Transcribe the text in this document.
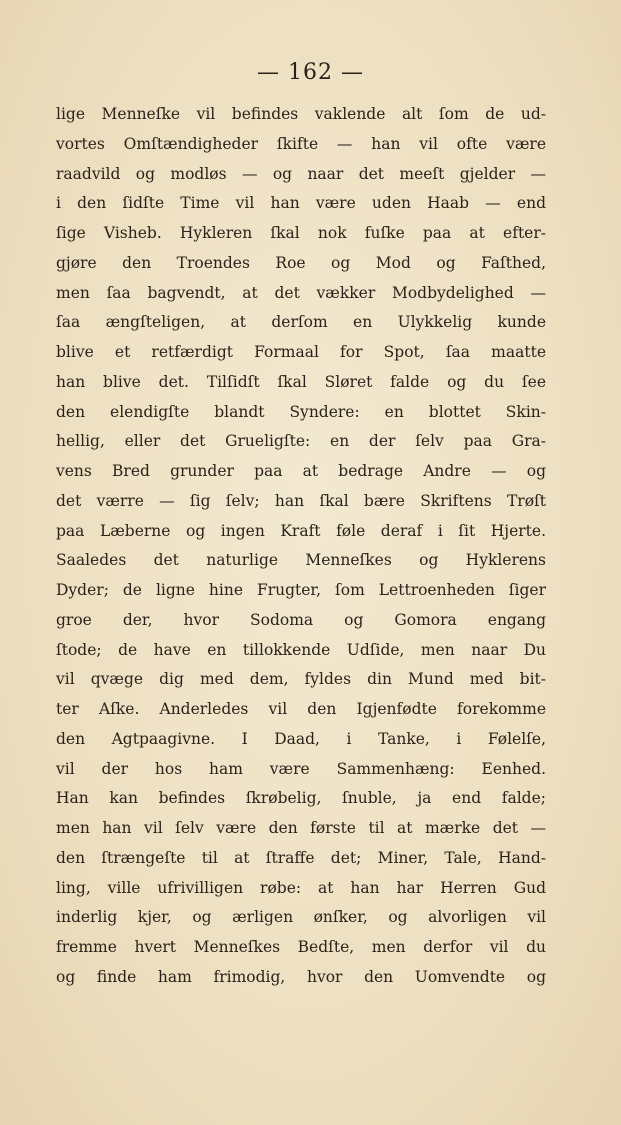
— 162 —
lige Menneſke vil befindes vaklende alt ſom de ud-
vortes Omſtændigheder ſkifte — han vil ofte være
raadvild og modløs — og naar det meeſt gjelder —
i den ſidſte Time vil han være uden Haab — end
ſige Visheb. Hykleren ſkal nok fuſke paa at efter-
gjøre den Troendes Roe og Mod og Faſthed,
men ſaa bagvendt, at det vækker Modbydelighed —
ſaa ængſteligen, at derſom en Ulykkelig kunde
blive et retfærdigt Formaal for Spot, ſaa maatte
han blive det. Tilſidſt ſkal Sløret falde og du ſee
den elendigſte blandt Syndere: en blottet Skin-
hellig, eller det Grueligſte: en der ſelv paa Gra-
vens Bred grunder paa at bedrage Andre — og
det værre — ſig ſelv; han ſkal bære Skriftens Trøſt
paa Læberne og ingen Kraft føle deraf i ſit Hjerte.
Saaledes det naturlige Menneſkes og Hyklerens
Dyder; de ligne hine Frugter, ſom Lettroenheden ſiger
groe der, hvor Sodoma og Gomora engang
ſtode; de have en tillokkende Udſide, men naar Du
vil qvæge dig med dem, fyldes din Mund med bit-
ter Aſke. Anderledes vil den Igjenfødte forekomme
den Agtpaagivne. I Daad, i Tanke, i Følelſe,
vil der hos ham være Sammenhæng: Eenhed.
Han kan befindes ſkrøbelig, ſnuble, ja end falde;
men han vil ſelv være den første til at mærke det —
den ſtrængeſte til at ſtraffe det; Miner, Tale, Hand-
ling, ville ufrivilligen røbe: at han har Herren Gud
inderlig kjer, og ærligen ønſker, og alvorligen vil
fremme hvert Menneſkes Bedſte, men derfor vil du
og finde ham frimodig, hvor den Uomvendte og
